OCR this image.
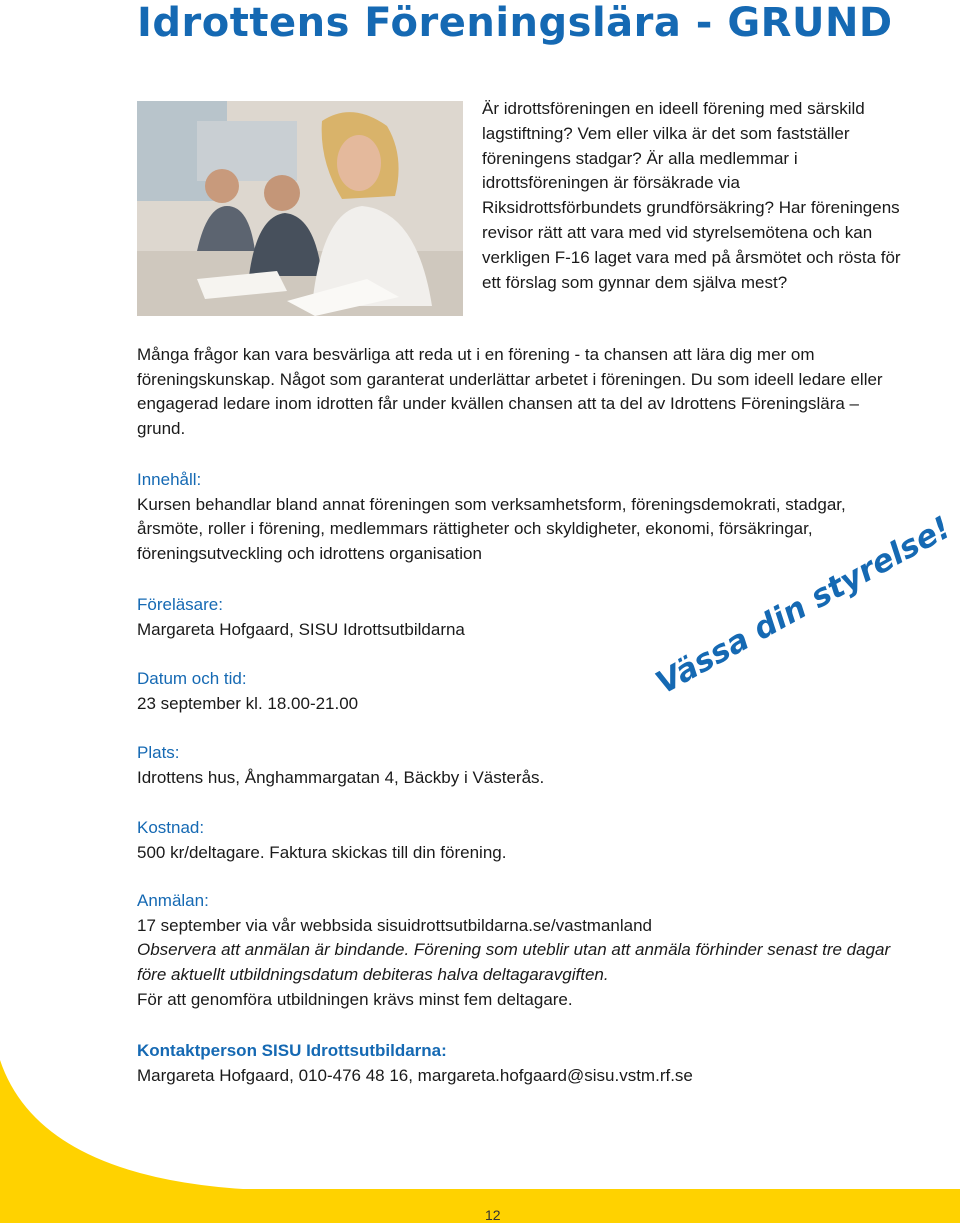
Idrottens Föreningslära - GRUND

Är idrottsföreningen en ideell förening med särskild lagstiftning? Vem eller vilka är det som fastställer föreningens stadgar? Är alla medlemmar i idrottsföreningen är försäkrade via Riksidrottsförbundets grundförsäkring? Har föreningens revisor rätt att vara med vid styrelsemötena och kan verkligen F-16 laget vara med på årsmötet och rösta för ett förslag som gynnar dem själva mest?

Många frågor kan vara besvärliga att reda ut i en förening - ta chansen att lära dig mer om föreningskunskap. Något som garanterat underlättar arbetet i föreningen. Du som ideell ledare eller engagerad ledare inom idrotten får under kvällen chansen att ta del av Idrottens Föreningslära – grund.

Innehåll:
Kursen behandlar bland annat föreningen som verksamhetsform, föreningsdemokrati, stadgar, årsmöte, roller i förening, medlemmars rättigheter och skyldigheter, ekonomi, försäkringar, föreningsutveckling och idrottens organisation
Föreläsare:
Margareta Hofgaard, SISU Idrottsutbildarna
Datum och tid:
23 september kl. 18.00-21.00
Plats:
Idrottens hus, Ånghammargatan 4, Bäckby i Västerås.
Kostnad:
500 kr/deltagare. Faktura skickas till din förening.
Anmälan:
17 september via vår webbsida sisuidrottsutbildarna.se/vastmanland
Observera att anmälan är bindande. Förening som uteblir utan att anmäla förhinder senast tre dagar före aktuellt utbildningsdatum debiteras halva deltagaravgiften.
För att genomföra utbildningen krävs minst fem deltagare.
Kontaktperson SISU Idrottsutbildarna:
Margareta Hofgaard, 010-476 48 16, margareta.hofgaard@sisu.vstm.rf.se
Vässa din styrelse!
12
